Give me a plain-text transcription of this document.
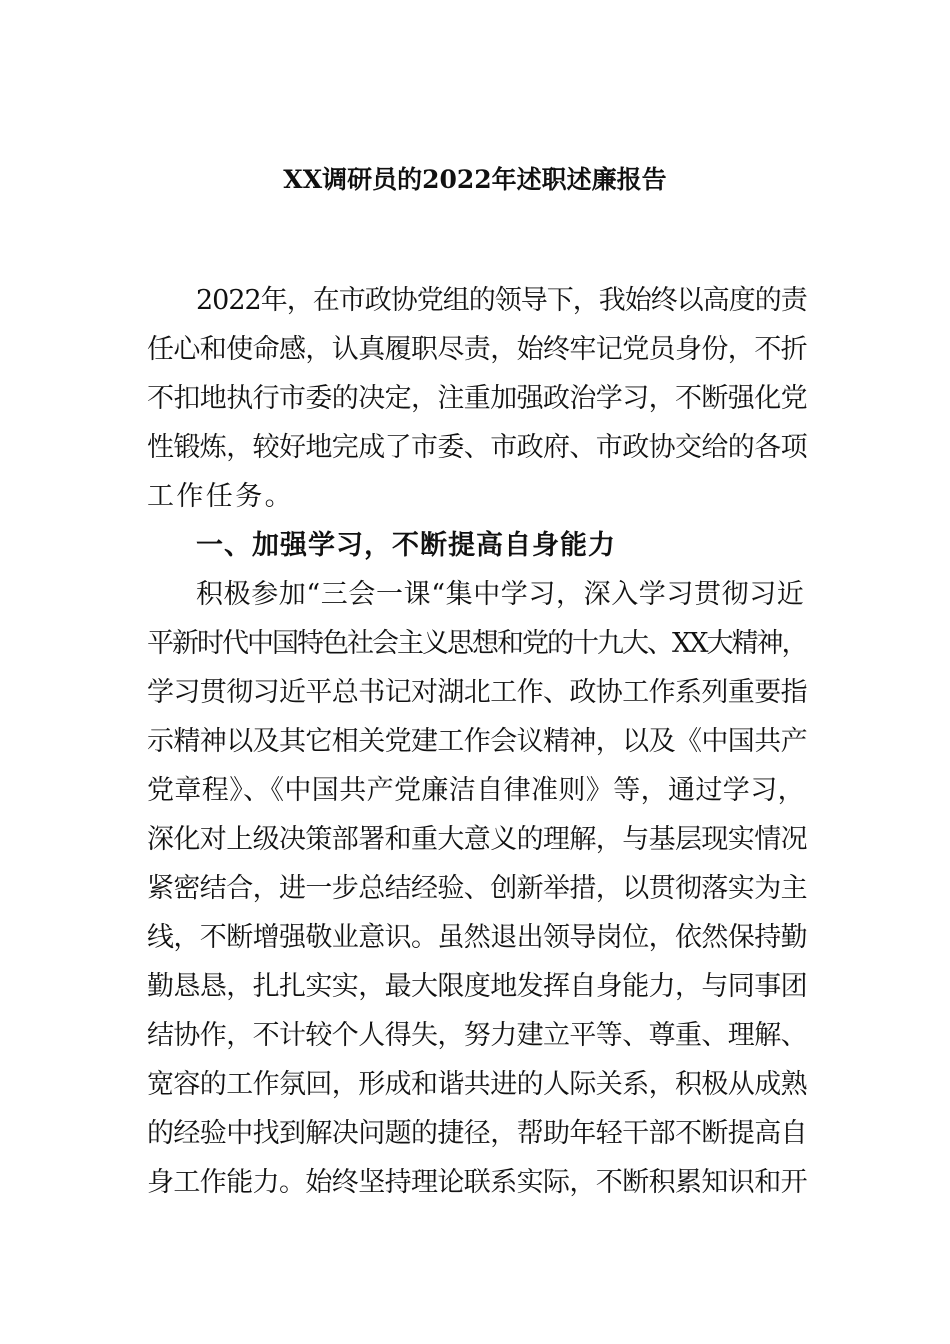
XX调研员的2022年述职述廉报告
2022年，在市政协党组的领导下，我始终以高度的责
任心和使命感，认真履职尽责，始终牢记党员身份，不折
不扣地执行市委的决定，注重加强政治学习，不断强化党
性锻炼，较好地完成了市委、市政府、市政协交给的各项
工作任务。
一、加强学习，不断提高自身能力
积极参加“三会一课“集中学习，深入学习贯彻习近
平新时代中国特色社会主义思想和党的十九大、XX大精神，
学习贯彻习近平总书记对湖北工作、政协工作系列重要指
示精神以及其它相关党建工作会议精神，以及《中国共产
党章程》、《中国共产党廉洁自律准则》等，通过学习，
深化对上级决策部署和重大意义的理解，与基层现实情况
紧密结合，进一步总结经验、创新举措，以贯彻落实为主
线，不断增强敬业意识。虽然退出领导岗位，依然保持勤
勤恳恳，扎扎实实，最大限度地发挥自身能力，与同事团
结协作，不计较个人得失，努力建立平等、尊重、理解、
宽容的工作氛回，形成和谐共进的人际关系，积极从成熟
的经验中找到解决问题的捷径，帮助年轻干部不断提高自
身工作能力。始终坚持理论联系实际，不断积累知识和开
